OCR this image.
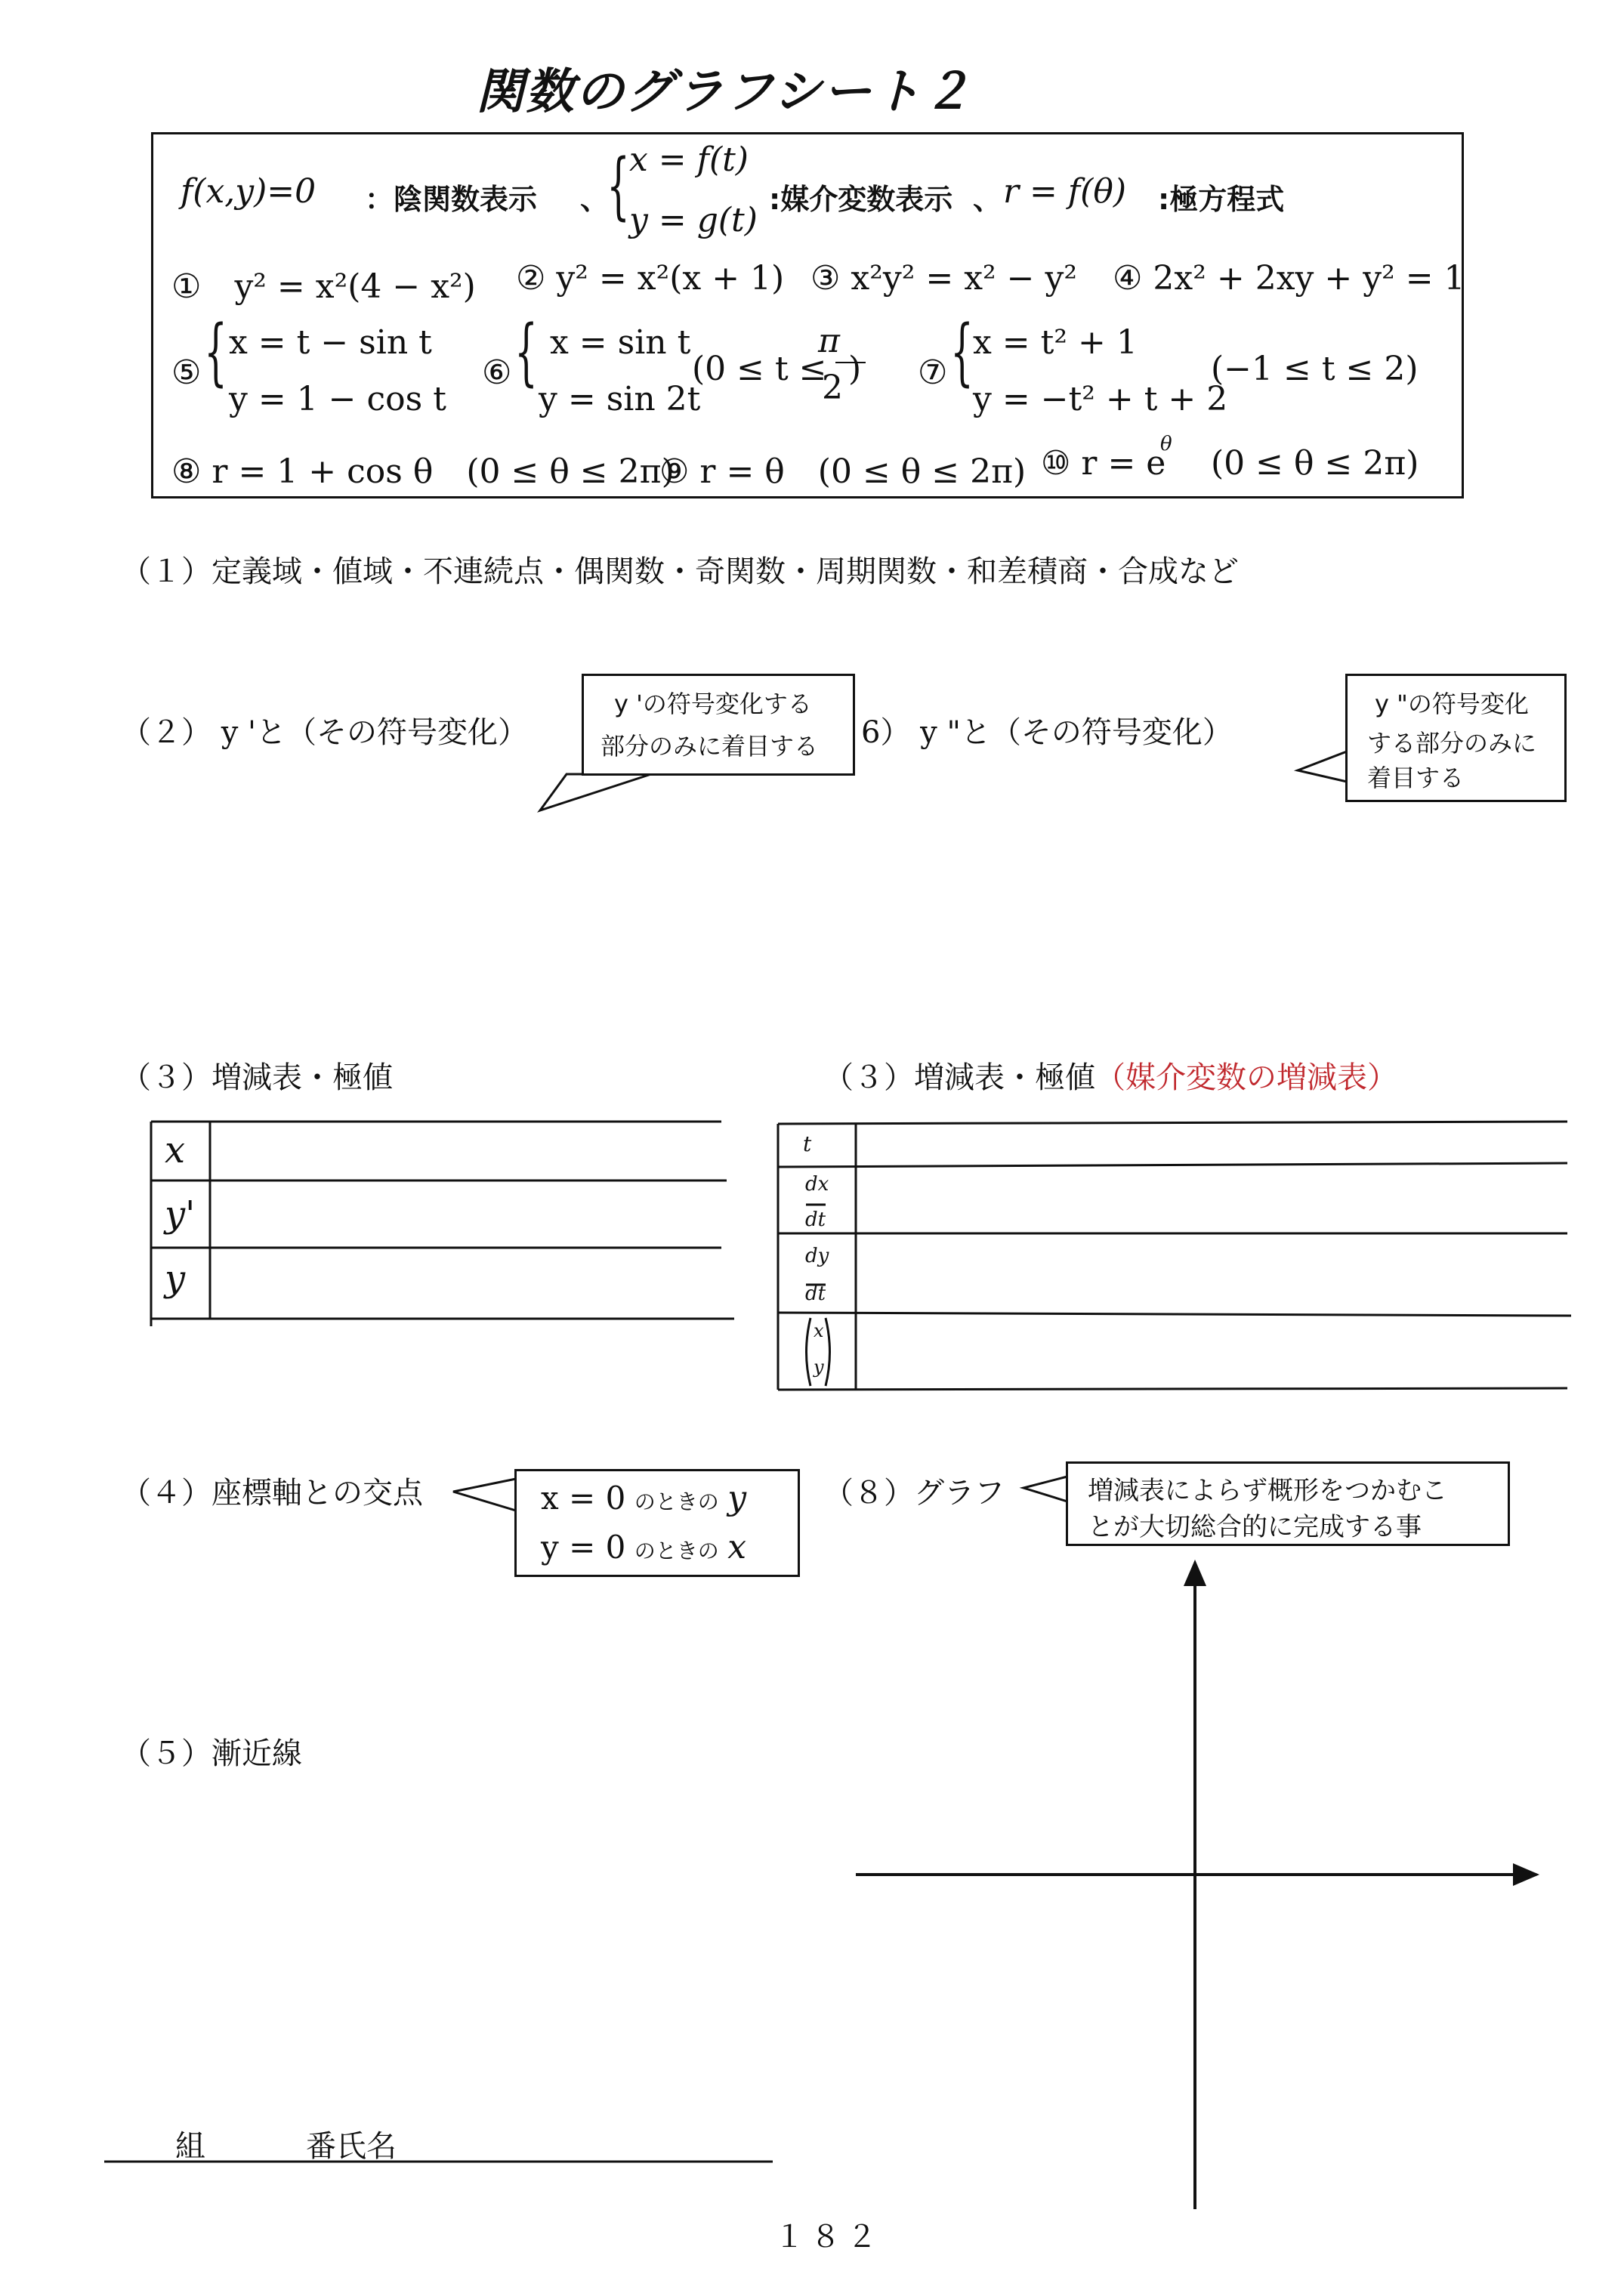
関数のグラフシート２
f(x,y)=0 ：陰関数表示 、
{ x = f(t)
y = g(t)
:媒介変数表示 、 r = f(θ) :極方程式
①　y² = x²(4 − x²) ② y² = x²(x + 1) ③ x²y² = x² − y² ④ 2x² + 2xy + y² = 1
⑤ { x = t − sin t
y = 1 − cos t
⑥ { x = sin t
y = sin 2t
(0 ≤ t ≤
π
2 ) ⑦ { x = t² + 1
y = −t² + t + 2
(−1 ≤ t ≤ 2)
⑧ r = 1 + cos θ　(0 ≤ θ ≤ 2π)
⑨ r = θ　(0 ≤ θ ≤ 2π) ⑩ r = e
θ (0 ≤ θ ≤ 2π)
（１）定義域・値域・不連続点・偶関数・奇関数・周期関数・和差積商・合成など
（２） y 'と（その符号変化）	6） y "と（その符号変化）
（３）増減表・極値	（３）増減表・極値（媒介変数の増減表）
（４）座標軸との交点	（８）グラフ
（５）漸近線
y 'の符号変化する
部分のみに着目する
y "の符号変化
する部分のみに
着目する
x = 0 のときの y
y = 0 のときの x
増減表によらず概形をつかむこ
とが大切総合的に完成する事
x
y'
y
t
dx
dt
dy
dt
x
y
組	番氏名
１８２
